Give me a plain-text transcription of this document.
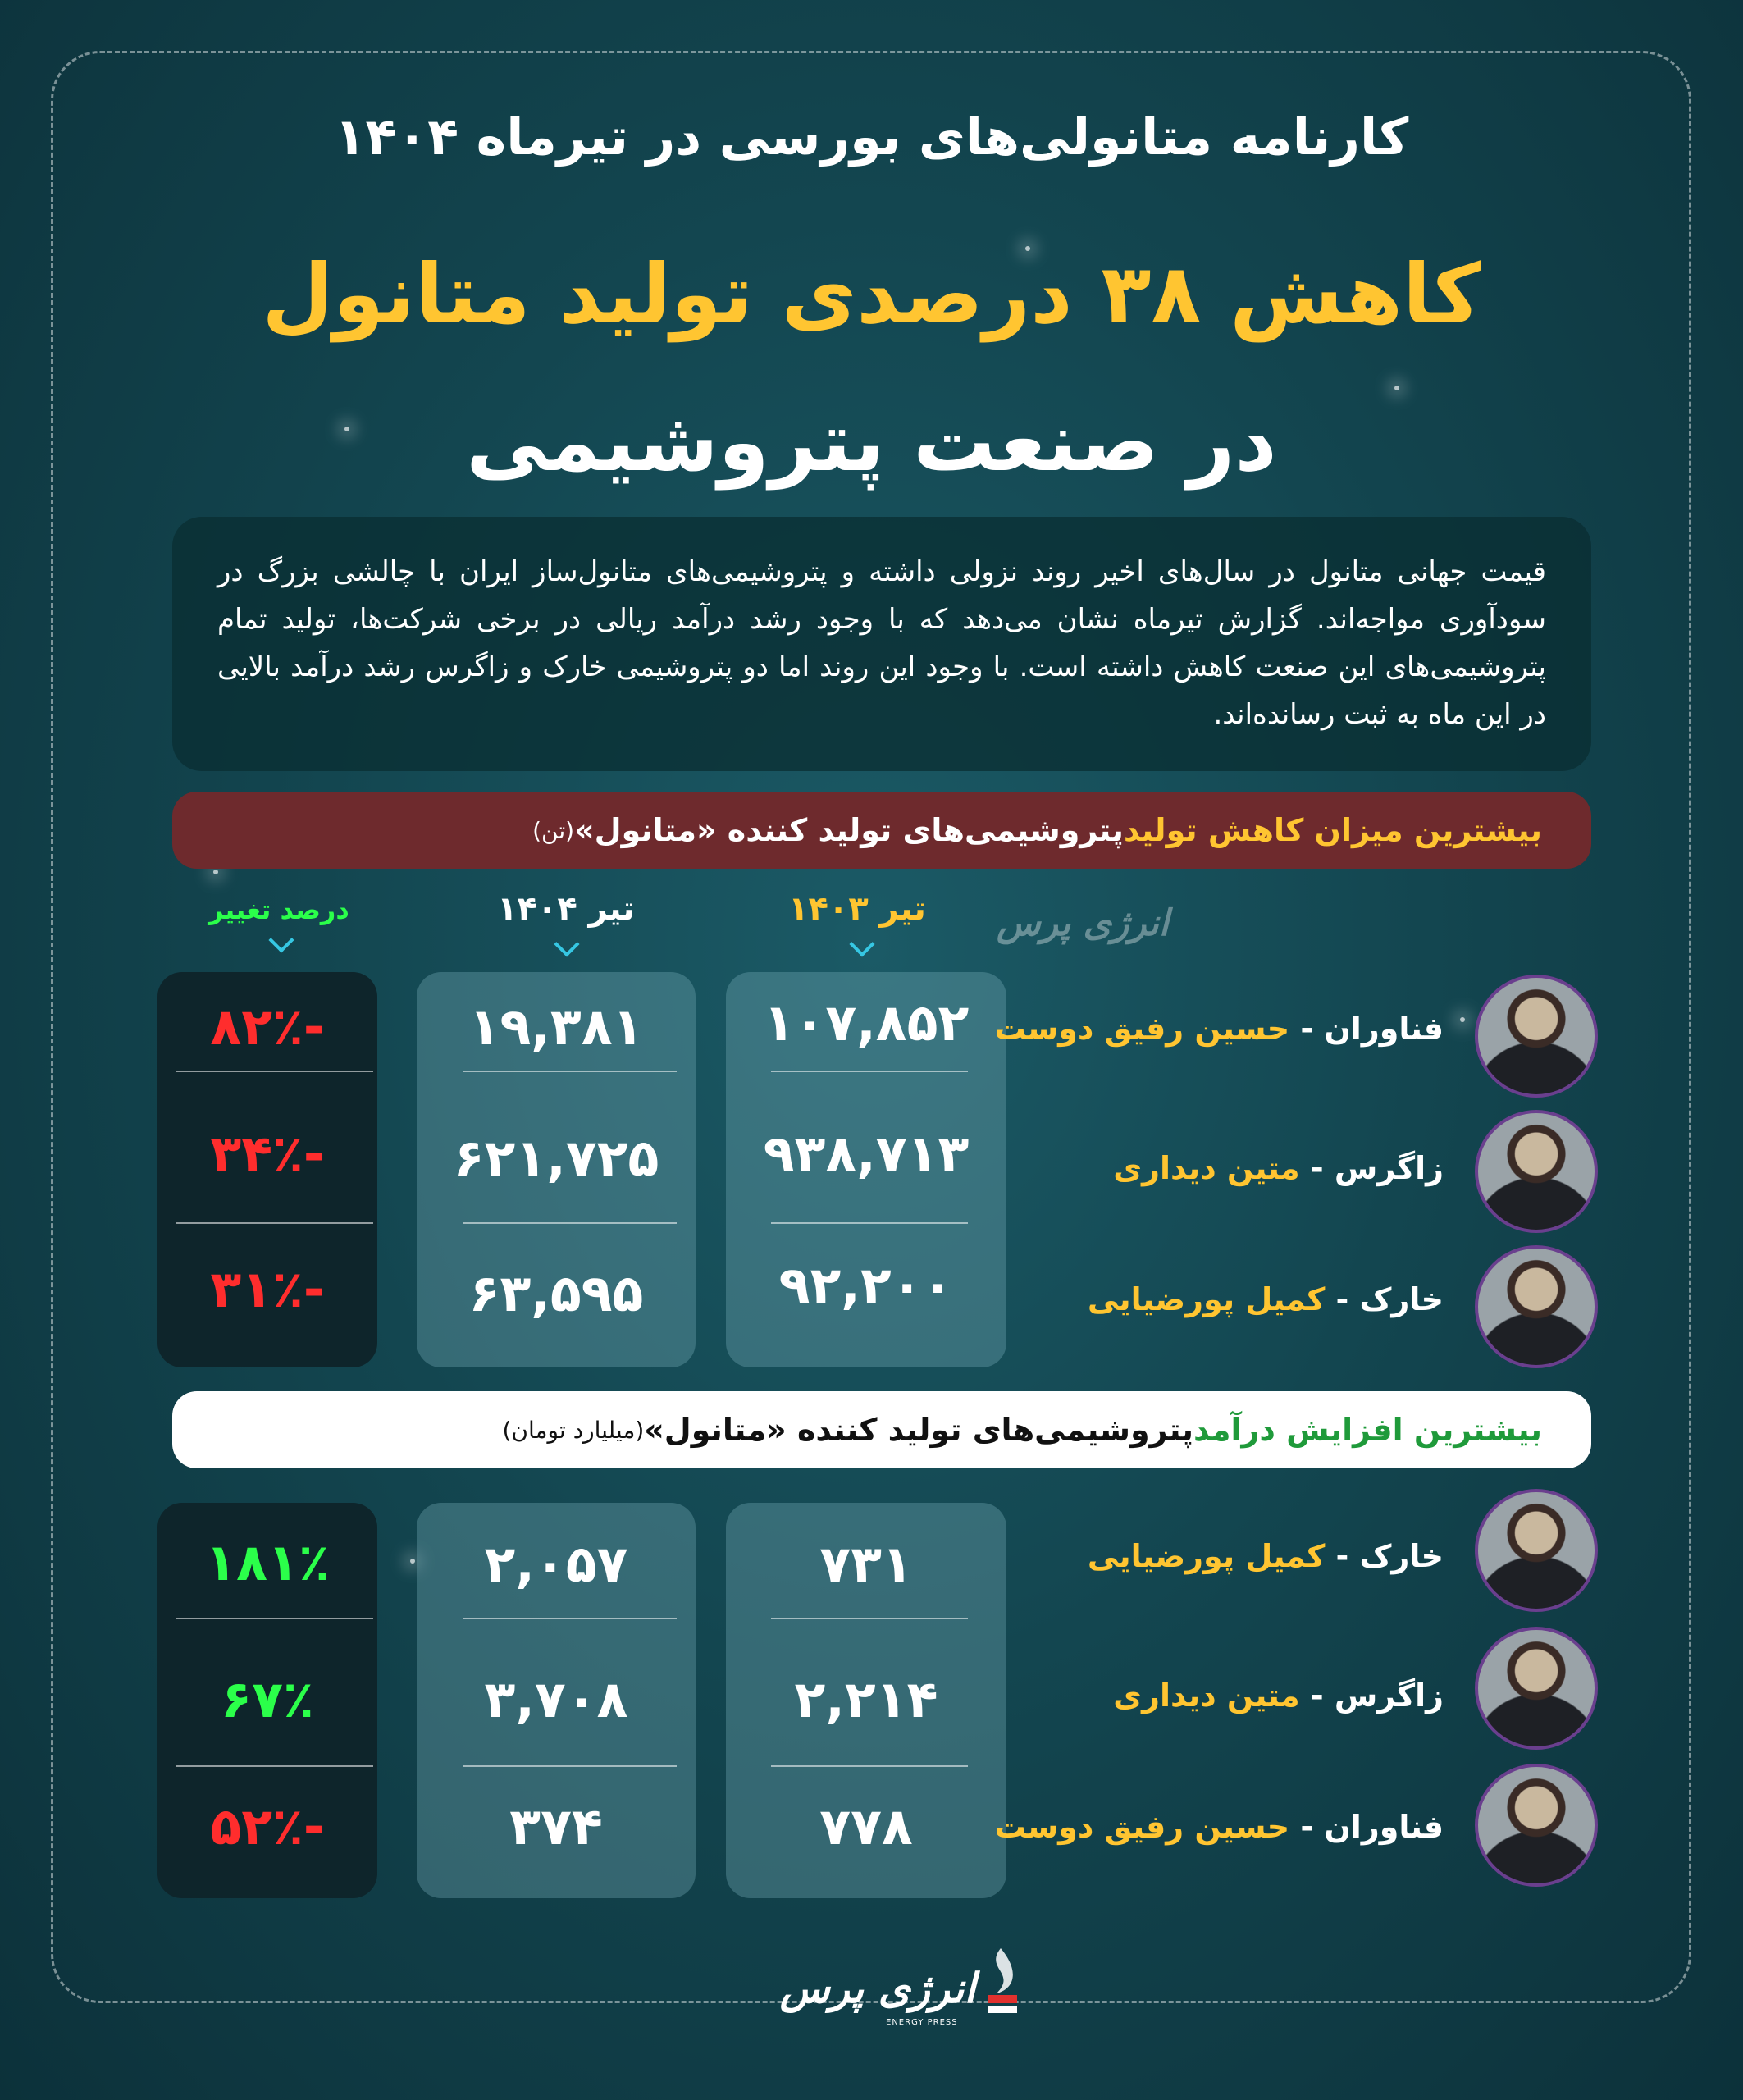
کارنامه متانولی‌های بورسی در تیرماه ۱۴۰۴
کاهش ۳۸ درصدی تولید متانول
در صنعت پتروشیمی
قیمت جهانی متانول در سال‌های اخیر روند نزولی داشته و پتروشیمی‌های متانول‌ساز ایران با چالشی بزرگ در سودآوری مواجه‌اند. گزارش تیرماه نشان می‌دهد که با وجود رشد درآمد ریالی در برخی شرکت‌ها، تولید تمام پتروشیمی‌های این صنعت کاهش داشته است. با وجود این روند اما دو پتروشیمی خارک و زاگرس رشد درآمد بالایی در این ماه به ثبت رسانده‌اند.
بیشترین میزان کاهش تولید
پتروشیمی‌های تولید کننده «متانول»
(تن)
تیر ۱۴۰۳
تیر ۱۴۰۴
درصد تغییر	انرژی پرس
۱۰۷,۸۵۲
۱۹,۳۸۱
-۸۲٪
۹۳۸,۷۱۳
۶۲۱,۷۲۵
-۳۴٪
۹۲,۲۰۰
۶۳,۵۹۵
-۳۱٪
فناوران - حسین رفیق دوست
زاگرس - متین دیداری
خارک - کمیل پورضیایی
بیشترین افزایش درآمد
پتروشیمی‌های تولید کننده «متانول»
(میلیارد تومان)
۷۳۱
۲,۰۵۷
۱۸۱٪
۲,۲۱۴
۳,۷۰۸
۶۷٪
۷۷۸
۳۷۴
-۵۲٪
خارک - کمیل پورضیایی
زاگرس - متین دیداری
فناوران - حسین رفیق دوست
انرژی پرس
ENERGY PRESS
